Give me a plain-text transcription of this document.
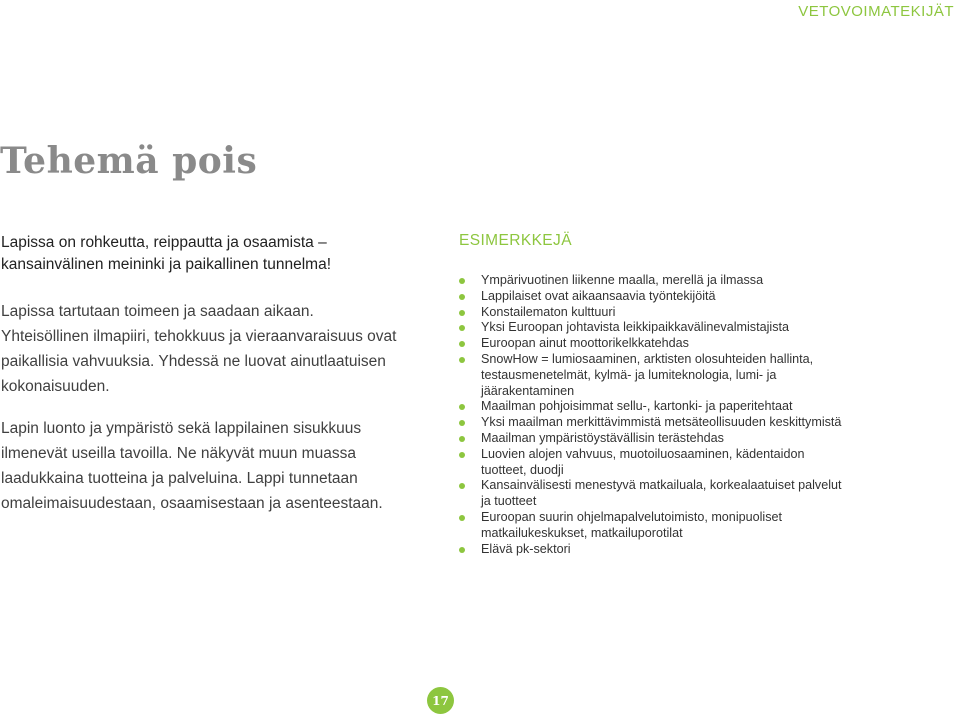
VETOVOIMATEKIJÄT
Tehemä pois

Lapissa on rohkeutta, reippautta ja osaamista –
kansainvälinen meininki ja paikallinen tunnelma!

Lapissa tartutaan toimeen ja saadaan aikaan.
Yhteisöllinen ilmapiiri, tehokkuus ja vieraanvaraisuus ovat
paikallisia vahvuuksia. Yhdessä ne luovat ainutlaatuisen
kokonaisuuden.

Lapin luonto ja ympäristö sekä lappilainen sisukkuus
ilmenevät useilla tavoilla. Ne näkyvät muun muassa
laadukkaina tuotteina ja palveluina. Lappi tunnetaan
omaleimaisuudestaan, osaamisestaan ja asenteestaan.

ESIMERKKEJÄ
Ympärivuotinen liikenne maalla, merellä ja ilmassa
Lappilaiset ovat aikaansaavia työntekijöitä
Konstailematon kulttuuri
Yksi Euroopan johtavista leikkipaikkavälinevalmistajista
Euroopan ainut moottorikelkkatehdas
SnowHow = lumiosaaminen, arktisten olosuhteiden hallinta,
testausmenetelmät, kylmä- ja lumiteknologia, lumi- ja
jäärakentaminen
Maailman pohjoisimmat sellu-, kartonki- ja paperitehtaat
Yksi maailman merkittävimmistä metsäteollisuuden keskittymistä
Maailman ympäristöystävällisin terästehdas
Luovien alojen vahvuus, muotoiluosaaminen, kädentaidon
tuotteet, duodji
Kansainvälisesti menestyvä matkailuala, korkealaatuiset palvelut
ja tuotteet
Euroopan suurin ohjelmapalvelutoimisto, monipuoliset
matkailukeskukset, matkailuporotilat
Elävä pk-sektori
17
